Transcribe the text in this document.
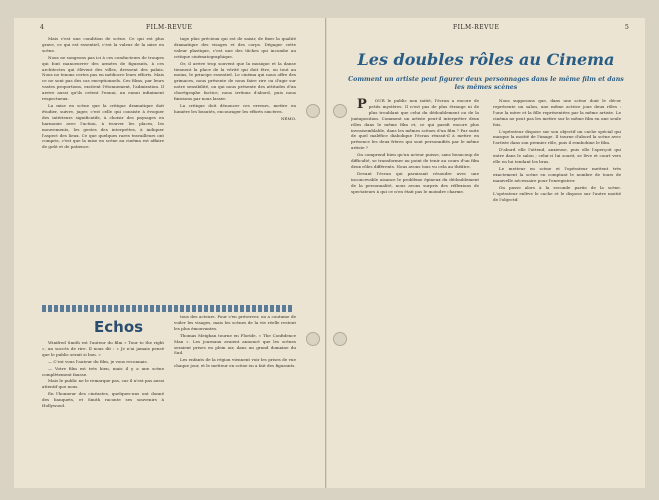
4	FILM-REVUE

Mais c'est une condition de scène. Ce qui est plus grave, ce qui est essentiel, c'est la valeur de la mise en scène.

Nous ne songeons pas ici à ces conducteurs de troupes qui font manoeuvrer des armées de figurants, à ces architectes qui élèvent des villes, dressent des palais. Nous ne tenons certes pas en médiocre leurs efforts. Mais ce ne sont pas des cas exceptionnels. Ces films, par leurs vastes proportions, excitent l'étonnement, l'admiration. Il arrive aussi qu'ils créent l'ennui, un ennui infiniment respectueux.

La mise en scène que la critique dramatique doit étudier, suivre, juger, c'est celle qui consiste à évoquer des intérieurs significatifs, à choisir des paysages en harmonie avec l'action, à trouver les places, les mouvements, les gestes des interprètes, à indiquer l'aspect des lieux. Ce que quelques rares travailleurs ont compris, c'est que la mise en scène au cinéma est affaire de goût et de patience.

tage plus précieux qui est de saisir, de fixer la qualité dramatique des visages et des corps. Dégager cette valeur plastique, c'est une des tâches qui incombe au critique cinématographique.

Or, il arrive trop souvent que la musique et la danse tiennent la place de la vérité qui doit être, ou tout au moins, le principe essentiel. Le cinéma qui nous offre des grimaces, nous présente de nous faire rire ou d'agir sur notre sensibilité, on qui nous présente des attitudes d'un chorégraphe factice, nous irritons d'abord, puis nous finissons par nous lasser.

La critique doit dénoncer ces erreurs, mettre en lumière les beautés, encourager les efforts sincères.

NEMO.

Echos

Winifred Smith est l'auteur du film « Tour to the right », un succès de rire. Il nous dit : « Je n'ai jamais pensé que le public serait si bon. »

— C'est vous l'auteur du film, je vous reconnais.

— Votre film est très bien, mais il y a une scène complètement fausse.

Mais le public ne le remarque pas, car il n'est pas aussi attentif que nous.

En l'honneur des cinéastes, quelques-uns ont donné des banquets, et Smith raconte ses souvenirs à Hollywood.

tous des acteurs. Pour s'en préserver, on a coutume de voiler les visages, mais les scènes de la vie réelle restent les plus émouvantes.

Thomas Meighan tourne en Floride, « The Confidence Man ». Les journaux avaient annoncé que les scènes seraient prises en plein air, dans un grand domaine du Sud.

Les enfants de la région viennent voir les prises de vue chaque jour, et le metteur en scène en a fait des figurants.

FILM-REVUE	5
Les doubles rôles au Cinema
Comment un artiste peut figurer deux personnages dans le même film et dans les mêmes scènes

P OUR le public non initié, l'écran a encore de petits mystères. Il n'est pas de plus étrange ni de plus troublant que celui du dédoublement ou de la juxtaposition. Comment un artiste peut-il interpréter deux rôles dans le même film et, ce qui paraît encore plus invraisemblable, dans les mêmes scènes d'un film ? Par suite de quel maléfice diabolique l'écran réussit-il à mettre en présence les deux frères qui sont personnifiés par le même artiste ?

On comprend bien qu'un acteur puisse, sans beaucoup de difficulté, se transformer au point de tenir au cours d'un film deux rôles différents. Nous avons tous vu cela au théâtre.

Devant l'écran qui paraissait résoudre avec une inconcevable aisance le problème épineux du dédoublement de la personnalité, nous avons surpris des réflexions de spectateurs à qui ce n'en était pas le moindre charme.

Nous supposons que, dans une scène dont le décor représente un salon, une même actrice joue deux rôles : l'une la mère et la fille représentées par la même artiste. Le cinéma ne peut pas les mettre sur le même film en une seule fois.

L'opérateur dispose sur son objectif un cache spécial qui masque la moitié de l'image. Il tourne d'abord la scène avec l'artiste dans son premier rôle, puis il rembobine le film.

D'abord elle l'attend, anxieuse, puis elle l'aperçoit qui entre dans le salon ; celui-ci lui sourit, se lève et court vers elle en lui tendant les bras.

Le metteur en scène et l'opérateur mettent très exactement la scène en comptant le nombre de tours de manivelle nécessaire pour l'enregistrer.

On passe alors à la seconde partie de la scène. L'opérateur enlève le cache et le dispose sur l'autre moitié de l'objectif.
